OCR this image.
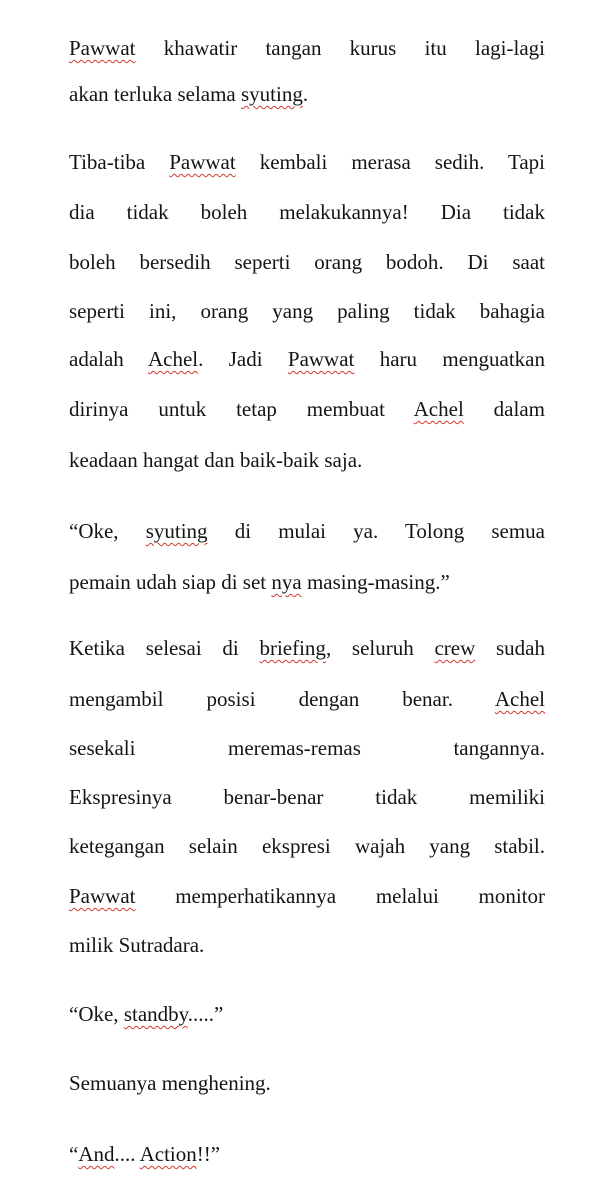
Pawwat khawatir tangan kurus itu lagi-lagi

akan terluka selama syuting.

Tiba-tiba Pawwat kembali merasa sedih. Tapi

dia tidak boleh melakukannya! Dia tidak

boleh bersedih seperti orang bodoh. Di saat

seperti ini, orang yang paling tidak bahagia

adalah Achel. Jadi Pawwat haru menguatkan

dirinya untuk tetap membuat Achel dalam

keadaan hangat dan baik-baik saja.

“Oke, syuting di mulai ya. Tolong semua

pemain udah siap di set nya masing-masing.”

Ketika selesai di briefing, seluruh crew sudah

mengambil posisi dengan benar. Achel

sesekali meremas-remas tangannya.

Ekspresinya benar-benar tidak memiliki

ketegangan selain ekspresi wajah yang stabil.

Pawwat memperhatikannya melalui monitor

milik Sutradara.

“Oke, standby.....”

Semuanya menghening.

“And.... Action!!”
